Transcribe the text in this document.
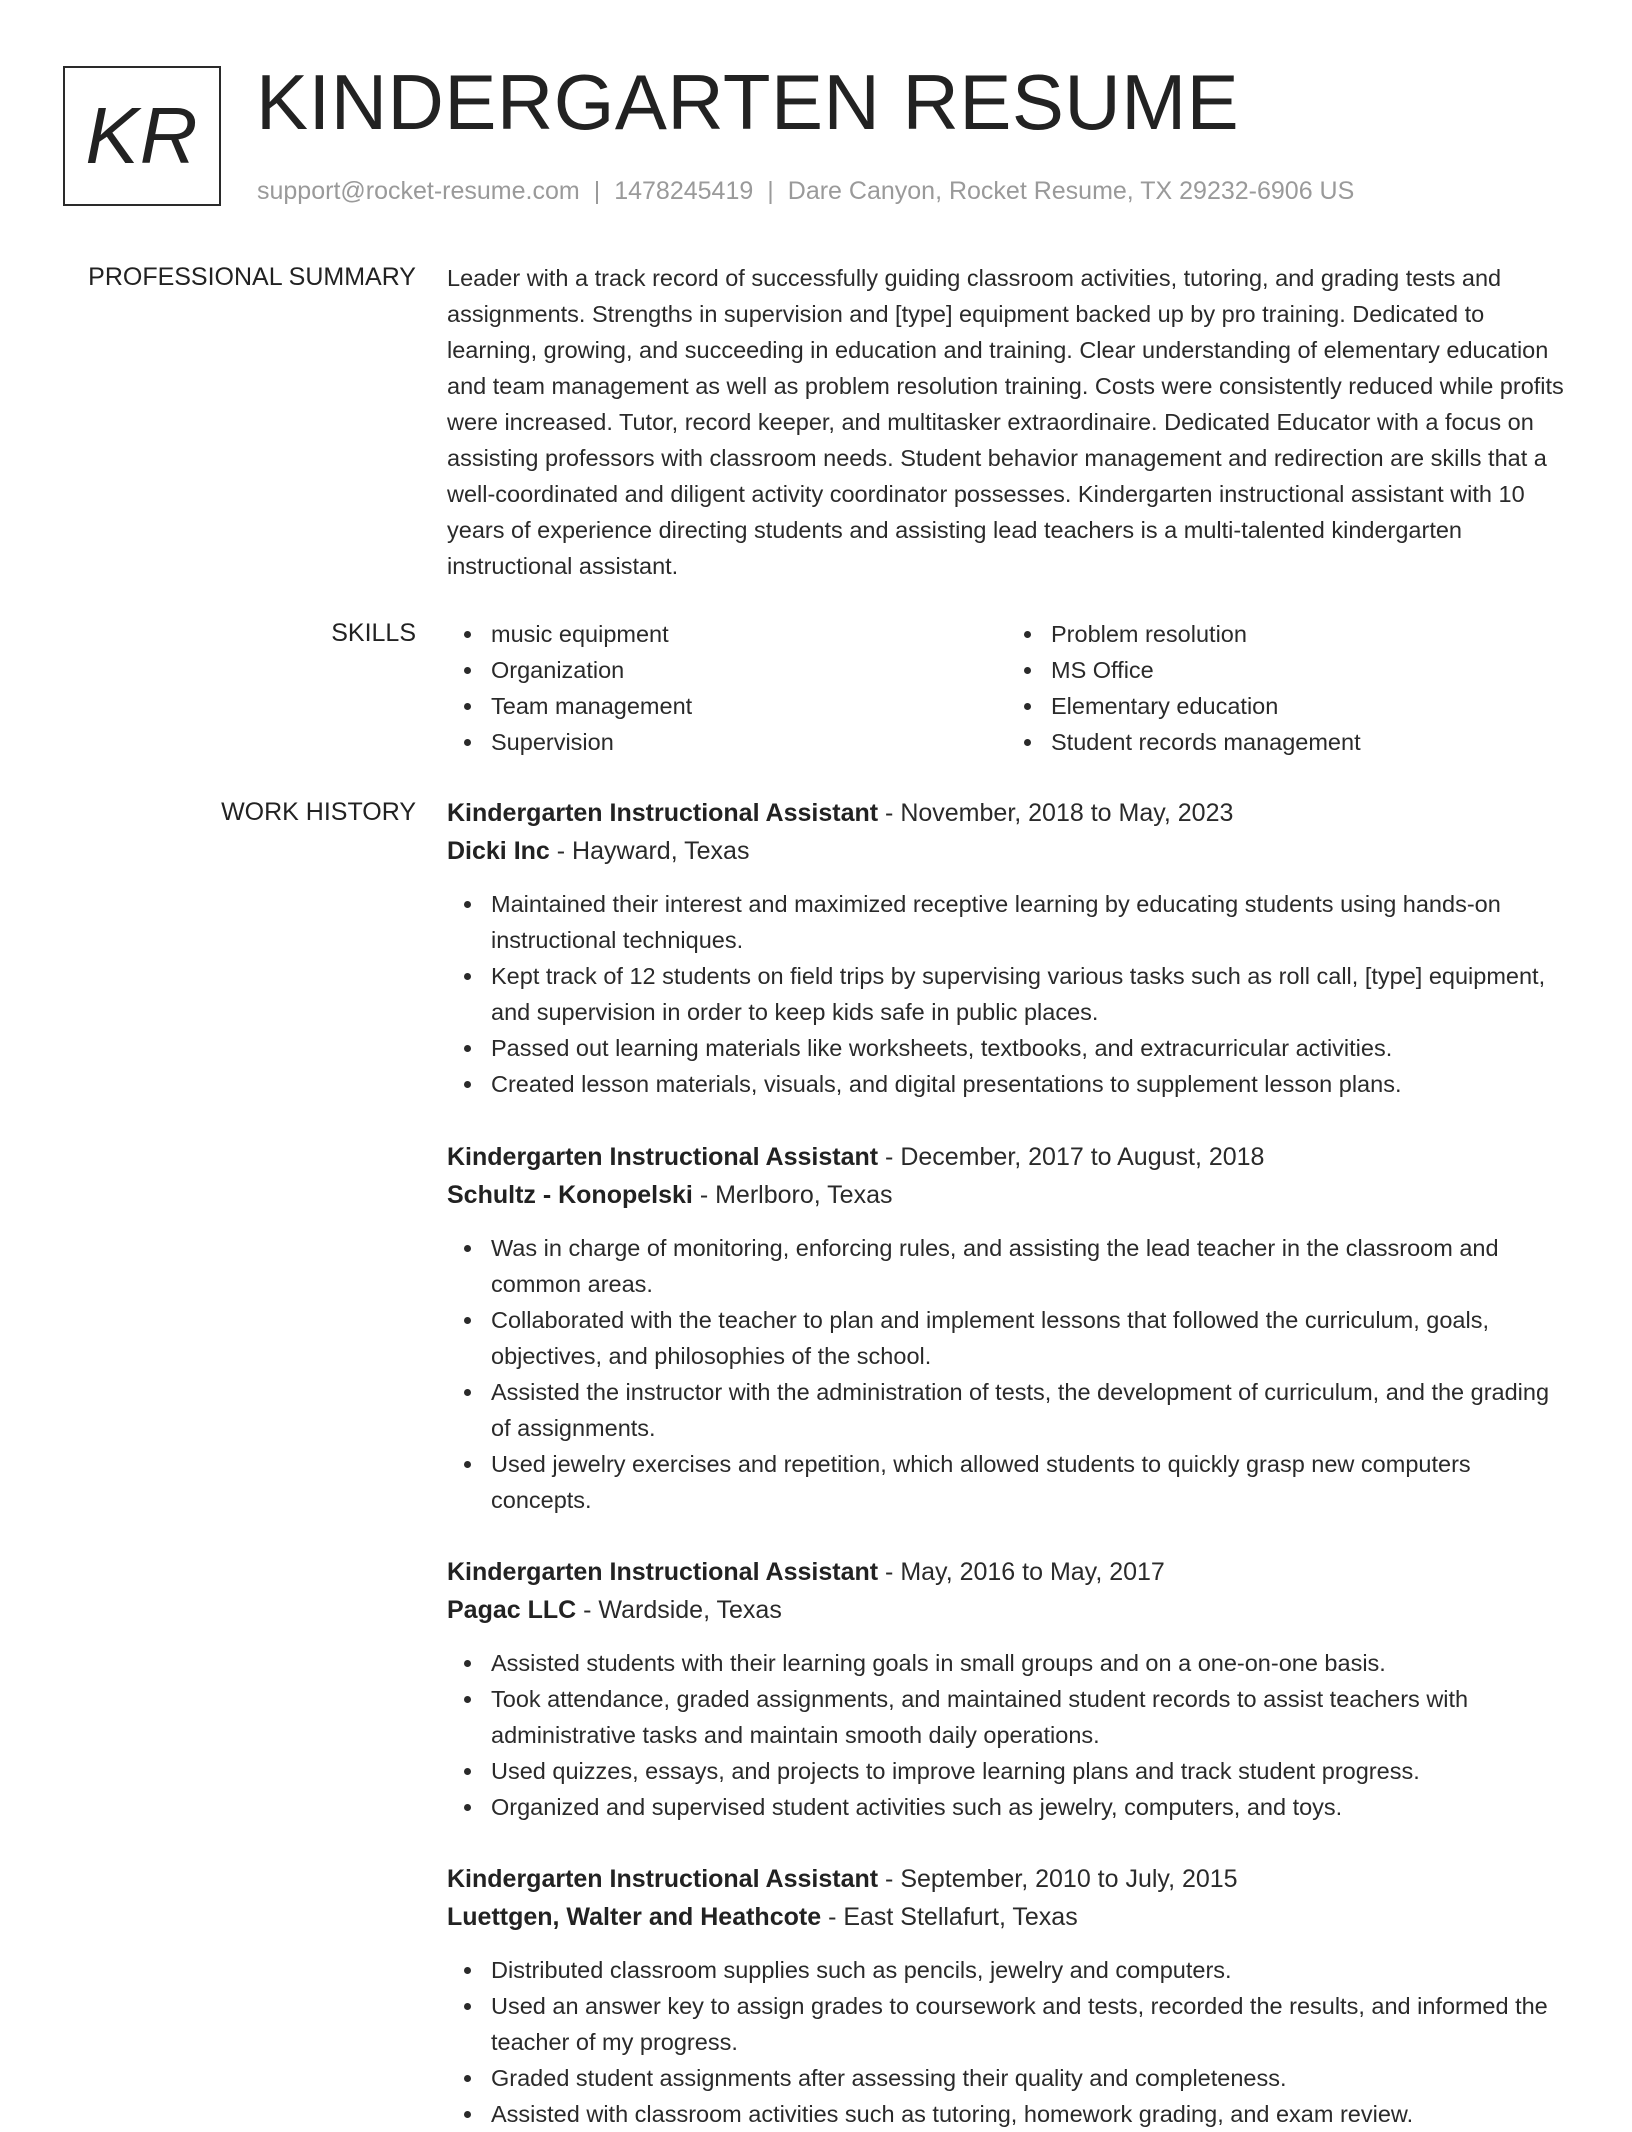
KR KINDERGARTEN RESUME
support@rocket-resume.com | 1478245419 | Dare Canyon, Rocket Resume, TX 29232-6906 US
PROFESSIONAL SUMMARY Leader with a track record of successfully guiding classroom activities, tutoring, and grading tests and assignments. Strengths in supervision and [type] equipment backed up by pro training. Dedicated to learning, growing, and succeeding in education and training. Clear understanding of elementary education and team management as well as problem resolution training. Costs were consistently reduced while profits were increased. Tutor, record keeper, and multitasker extraordinaire. Dedicated Educator with a focus on assisting professors with classroom needs. Student behavior management and redirection are skills that a well-coordinated and diligent activity coordinator possesses. Kindergarten instructional assistant with 10 years of experience directing students and assisting lead teachers is a multi-talented kindergarten instructional assistant.

SKILLS	music equipment
Organization
Team management
Supervision
Problem resolution
MS Office
Elementary education
Student records management
WORK HISTORY Kindergarten Instructional Assistant - November, 2018 to May, 2023
Dicki Inc - Hayward, Texas
Maintained their interest and maximized receptive learning by educating students using hands-on instructional techniques.
Kept track of 12 students on field trips by supervising various tasks such as roll call, [type] equipment, and supervision in order to keep kids safe in public places.
Passed out learning materials like worksheets, textbooks, and extracurricular activities.
Created lesson materials, visuals, and digital presentations to supplement lesson plans.
Kindergarten Instructional Assistant - December, 2017 to August, 2018
Schultz - Konopelski - Merlboro, Texas
Was in charge of monitoring, enforcing rules, and assisting the lead teacher in the classroom and common areas.
Collaborated with the teacher to plan and implement lessons that followed the curriculum, goals, objectives, and philosophies of the school.
Assisted the instructor with the administration of tests, the development of curriculum, and the grading of assignments.
Used jewelry exercises and repetition, which allowed students to quickly grasp new computers concepts.
Kindergarten Instructional Assistant - May, 2016 to May, 2017
Pagac LLC - Wardside, Texas
Assisted students with their learning goals in small groups and on a one-on-one basis.
Took attendance, graded assignments, and maintained student records to assist teachers with administrative tasks and maintain smooth daily operations.
Used quizzes, essays, and projects to improve learning plans and track student progress.
Organized and supervised student activities such as jewelry, computers, and toys.
Kindergarten Instructional Assistant - September, 2010 to July, 2015
Luettgen, Walter and Heathcote - East Stellafurt, Texas
Distributed classroom supplies such as pencils, jewelry and computers.
Used an answer key to assign grades to coursework and tests, recorded the results, and informed the teacher of my progress.
Graded student assignments after assessing their quality and completeness.
Assisted with classroom activities such as tutoring, homework grading, and exam review.
